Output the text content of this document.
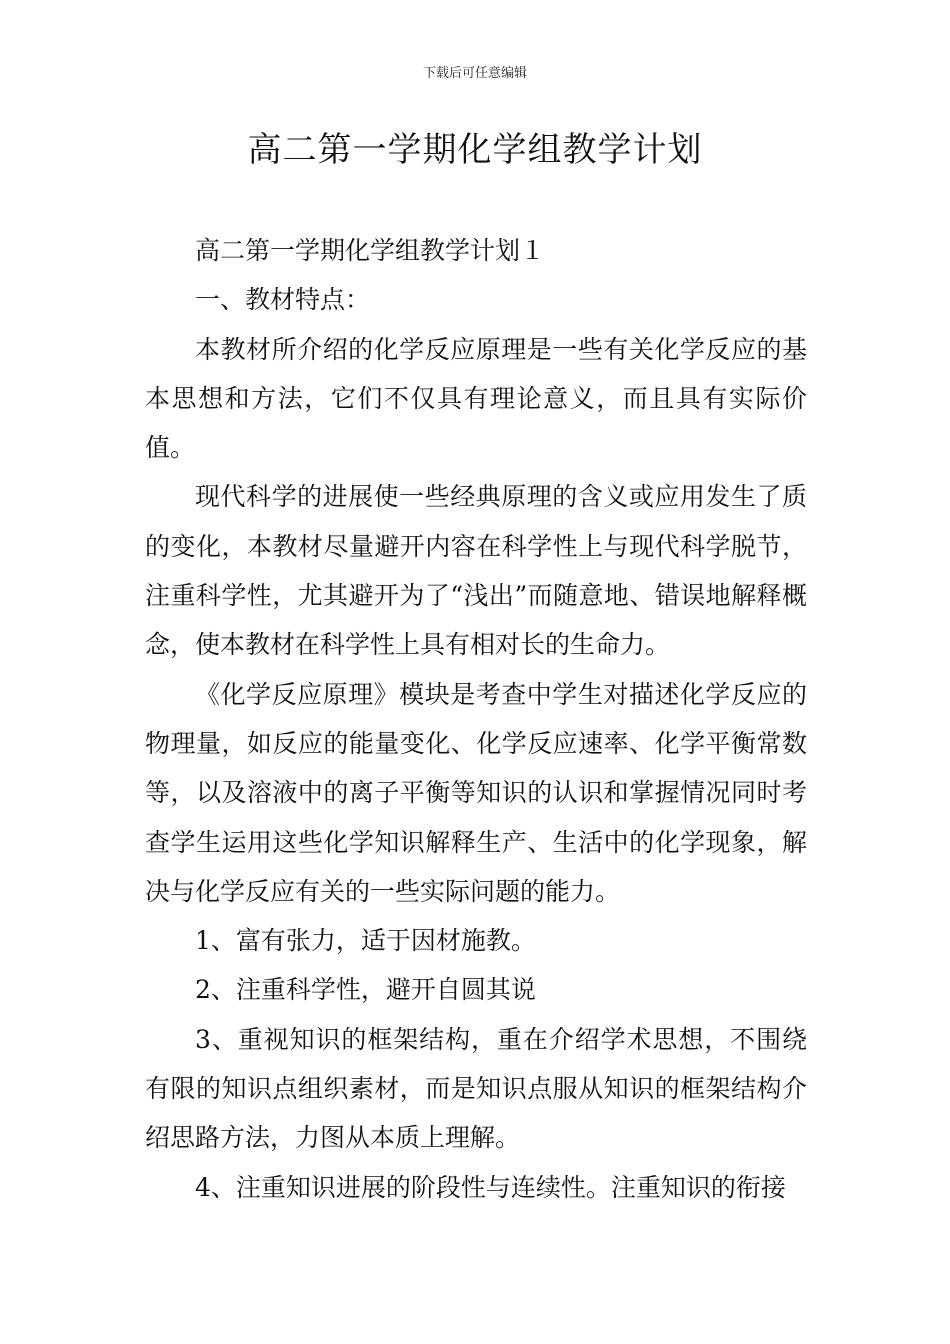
下载后可任意编辑
高二第一学期化学组教学计划

高二第一学期化学组教学计划１

一、教材特点：

本教材所介绍的化学反应原理是一些有关化学反应的基本思想和方法，它们不仅具有理论意义，而且具有实际价值。

现代科学的进展使一些经典原理的含义或应用发生了质的变化，本教材尽量避开内容在科学性上与现代科学脱节，注重科学性，尤其避开为了“浅出”而随意地、错误地解释概念，使本教材在科学性上具有相对长的生命力。

《化学反应原理》模块是考查中学生对描述化学反应的物理量，如反应的能量变化、化学反应速率、化学平衡常数等，以及溶液中的离子平衡等知识的认识和掌握情况同时考查学生运用这些化学知识解释生产、生活中的化学现象，解决与化学反应有关的一些实际问题的能力。

1、富有张力，适于因材施教。

2、注重科学性，避开自圆其说

3、重视知识的框架结构，重在介绍学术思想，不围绕有限的知识点组织素材，而是知识点服从知识的框架结构介绍思路方法，力图从本质上理解。

4、注重知识进展的阶段性与连续性。注重知识的衔接
